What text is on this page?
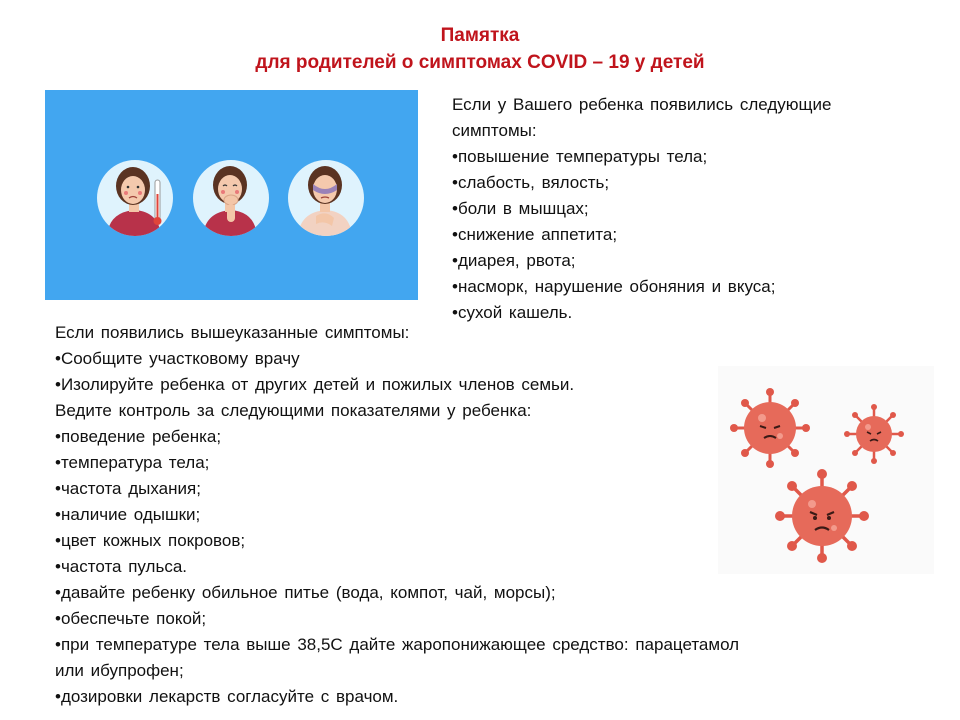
Памятка
для родителей о симптомах COVID – 19 у детей
Если у Вашего ребенка появились следующие
симптомы:
•повышение температуры тела;
•слабость, вялость;
•боли в мышцах;
•снижение аппетита;
•диарея, рвота;
•насморк, нарушение обоняния и вкуса;
•сухой кашель.
Если появились вышеуказанные симптомы:
•Сообщите участковому врачу
•Изолируйте ребенка от других детей и пожилых членов семьи.
Ведите контроль за следующими показателями у ребенка:
•поведение ребенка;
•температура тела;
•частота дыхания;
•наличие одышки;
•цвет кожных покровов;
•частота пульса.
•давайте ребенку обильное питье (вода, компот, чай, морсы);
•обеспечьте покой;
•при температуре тела выше 38,5С дайте жаропонижающее средство: парацетамол
или ибупрофен;
•дозировки лекарств согласуйте с врачом.
